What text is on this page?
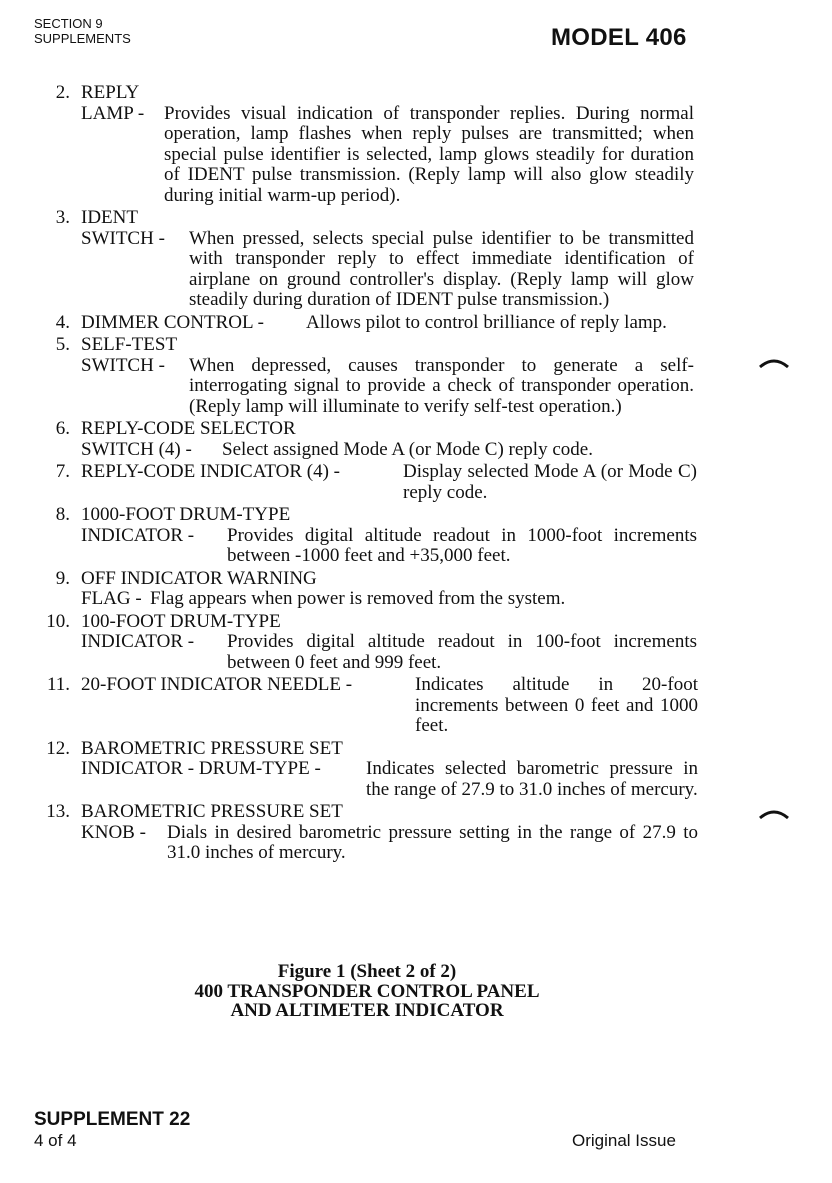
SECTION 9
SUPPLEMENTS	MODEL 406
2. REPLY
LAMP - Provides visual indication of transponder replies. During normal operation, lamp flashes when reply pulses are transmitted; when special pulse identifier is selected, lamp glows steadily for duration of IDENT pulse transmission. (Reply lamp will also glow steadily during initial warm-up period).
3. IDENT
SWITCH - When pressed, selects special pulse identifier to be transmitted with transponder reply to effect immediate identification of airplane on ground controller's display. (Reply lamp will glow steadily during duration of IDENT pulse transmission.)
4. DIMMER CONTROL - Allows pilot to control brilliance of reply lamp.
5. SELF-TEST
SWITCH - When depressed, causes transponder to generate a self-interrogating signal to provide a check of transponder operation. (Reply lamp will illuminate to verify self-test operation.)
6. REPLY-CODE SELECTOR
SWITCH (4) - Select assigned Mode A (or Mode C) reply code.
7. REPLY-CODE INDICATOR (4) -	Display selected Mode A (or Mode C) reply code.
8. 1000-FOOT DRUM-TYPE
INDICATOR - Provides digital altitude readout in 1000-foot increments between -1000 feet and +35,000 feet.
9. OFF INDICATOR WARNING
FLAG - Flag appears when power is removed from the system.
10. 100-FOOT DRUM-TYPE
INDICATOR - Provides digital altitude readout in 100-foot increments between 0 feet and 999 feet.
11. 20-FOOT INDICATOR NEEDLE -	Indicates altitude in 20-foot increments between 0 feet and 1000 feet.
12. BAROMETRIC PRESSURE SET
INDICATOR - DRUM-TYPE - Indicates selected barometric pressure in the range of 27.9 to 31.0 inches of mercury.
13. BAROMETRIC PRESSURE SET
KNOB - Dials in desired barometric pressure setting in the range of 27.9 to 31.0 inches of mercury.
Figure 1 (Sheet 2 of 2)
400 TRANSPONDER CONTROL PANEL
AND ALTIMETER INDICATOR
SUPPLEMENT 22
4 of 4	Original Issue
